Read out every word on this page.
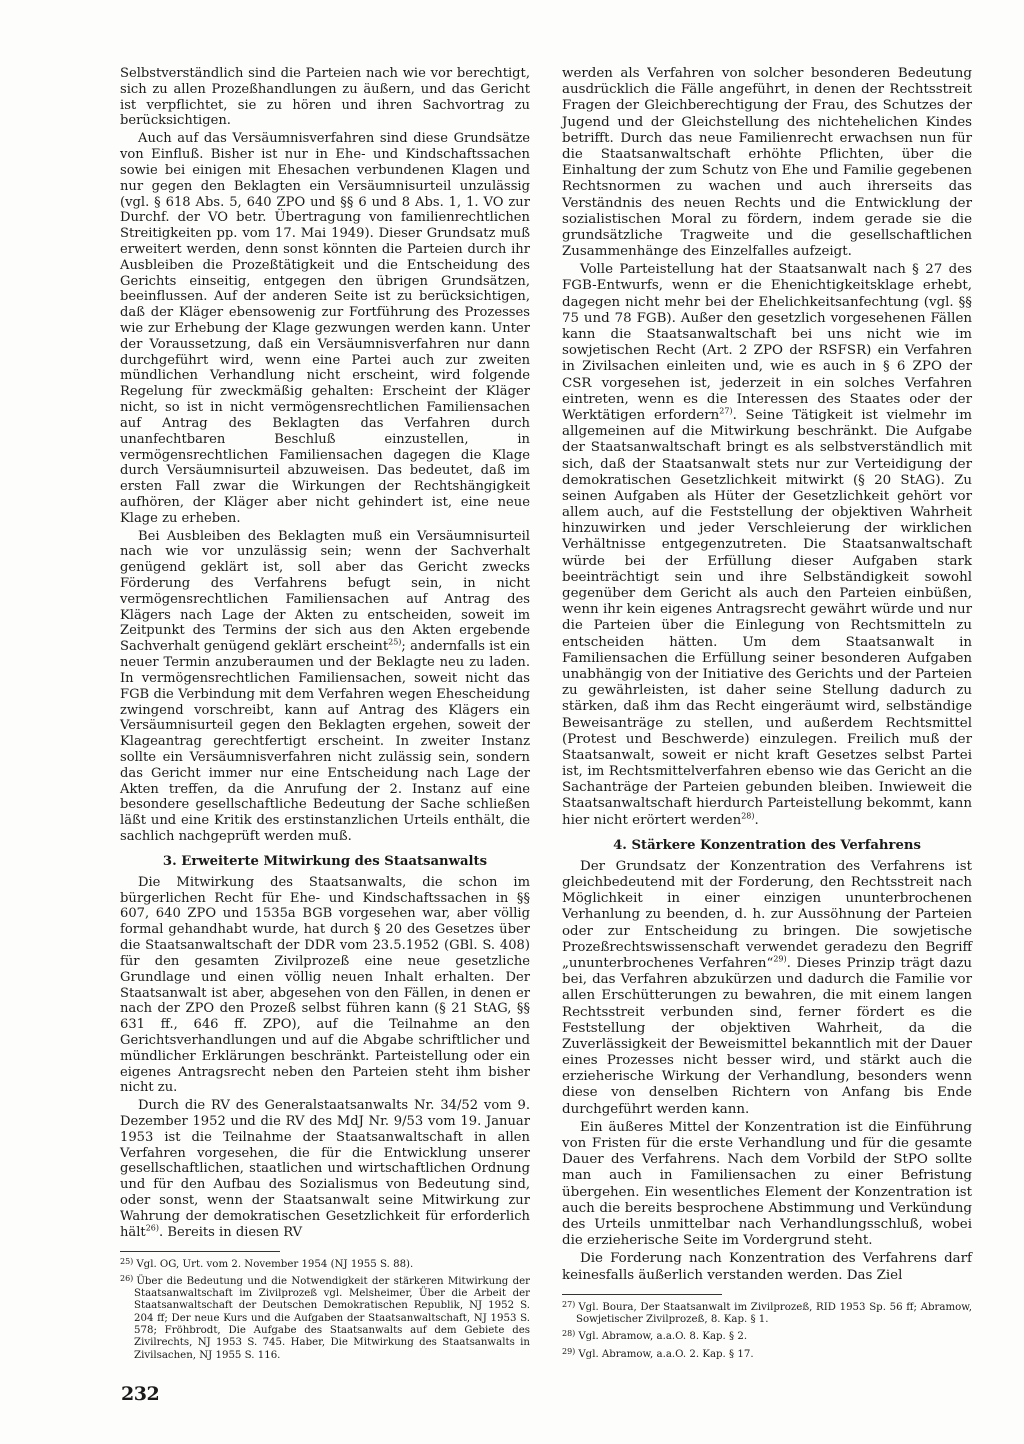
Selbstverständlich sind die Parteien nach wie vor berechtigt, sich zu allen Prozeßhandlungen zu äußern, und das Gericht ist verpflichtet, sie zu hören und ihren Sachvortrag zu berücksichtigen.

Auch auf das Versäumnisverfahren sind diese Grundsätze von Einfluß. Bisher ist nur in Ehe- und Kindschaftssachen sowie bei einigen mit Ehesachen verbundenen Klagen und nur gegen den Beklagten ein Versäumnisurteil unzulässig (vgl. § 618 Abs. 5, 640 ZPO und §§ 6 und 8 Abs. 1, 1. VO zur Durchf. der VO betr. Übertragung von familienrechtlichen Streitigkeiten pp. vom 17. Mai 1949). Dieser Grundsatz muß erweitert werden, denn sonst könnten die Parteien durch ihr Ausbleiben die Prozeßtätigkeit und die Entscheidung des Gerichts einseitig, entgegen den übrigen Grundsätzen, beeinflussen. Auf der anderen Seite ist zu berücksichtigen, daß der Kläger ebensowenig zur Fortführung des Prozesses wie zur Erhebung der Klage gezwungen werden kann. Unter der Voraussetzung, daß ein Versäumnisverfahren nur dann durchgeführt wird, wenn eine Partei auch zur zweiten mündlichen Verhandlung nicht erscheint, wird folgende Regelung für zweckmäßig gehalten: Erscheint der Kläger nicht, so ist in nicht vermögensrechtlichen Familiensachen auf Antrag des Beklagten das Verfahren durch unanfechtbaren Beschluß einzustellen, in vermögensrechtlichen Familiensachen dagegen die Klage durch Versäumnisurteil abzuweisen. Das bedeutet, daß im ersten Fall zwar die Wirkungen der Rechtshängigkeit aufhören, der Kläger aber nicht gehindert ist, eine neue Klage zu erheben.

Bei Ausbleiben des Beklagten muß ein Versäumnisurteil nach wie vor unzulässig sein; wenn der Sachverhalt genügend geklärt ist, soll aber das Gericht zwecks Förderung des Verfahrens befugt sein, in nicht vermögensrechtlichen Familiensachen auf Antrag des Klägers nach Lage der Akten zu entscheiden, soweit im Zeitpunkt des Termins der sich aus den Akten ergebende Sachverhalt genügend geklärt erscheint$^{25)}$; andernfalls ist ein neuer Termin anzuberaumen und der Beklagte neu zu laden. In vermögensrechtlichen Familiensachen, soweit nicht das FGB die Verbindung mit dem Verfahren wegen Ehescheidung zwingend vorschreibt, kann auf Antrag des Klägers ein Versäumnisurteil gegen den Beklagten ergehen, soweit der Klageantrag gerechtfertigt erscheint. In zweiter Instanz sollte ein Versäumnisverfahren nicht zulässig sein, sondern das Gericht immer nur eine Entscheidung nach Lage der Akten treffen, da die Anrufung der 2. Instanz auf eine besondere gesellschaftliche Bedeutung der Sache schließen läßt und eine Kritik des erstinstanzlichen Urteils enthält, die sachlich nachgeprüft werden muß.

3. Erweiterte Mitwirkung des Staatsanwalts

Die Mitwirkung des Staatsanwalts, die schon im bürgerlichen Recht für Ehe- und Kindschaftssachen in §§ 607, 640 ZPO und 1535a BGB vorgesehen war, aber völlig formal gehandhabt wurde, hat durch § 20 des Gesetzes über die Staatsanwaltschaft der DDR vom 23.5.1952 (GBl. S. 408) für den gesamten Zivilprozeß eine neue gesetzliche Grundlage und einen völlig neuen Inhalt erhalten. Der Staatsanwalt ist aber, abgesehen von den Fällen, in denen er nach der ZPO den Prozeß selbst führen kann (§ 21 StAG, §§ 631 ff., 646 ff. ZPO), auf die Teilnahme an den Gerichtsverhandlungen und auf die Abgabe schriftlicher und mündlicher Erklärungen beschränkt. Parteistellung oder ein eigenes Antragsrecht neben den Parteien steht ihm bisher nicht zu.

Durch die RV des Generalstaatsanwalts Nr. 34/52 vom 9. Dezember 1952 und die RV des MdJ Nr. 9/53 vom 19. Januar 1953 ist die Teilnahme der Staatsanwaltschaft in allen Verfahren vorgesehen, die für die Entwicklung unserer gesellschaftlichen, staatlichen und wirtschaftlichen Ordnung und für den Aufbau des Sozialismus von Bedeutung sind, oder sonst, wenn der Staatsanwalt seine Mitwirkung zur Wahrung der demokratischen Gesetzlichkeit für erforderlich hält$^{26)}$. Bereits in diesen RV

$^{25)}$ Vgl. OG, Urt. vom 2. November 1954 (NJ 1955 S. 88).

$^{26)}$ Über die Bedeutung und die Notwendigkeit der stärkeren Mitwirkung der Staatsanwaltschaft im Zivilprozeß vgl. Melsheimer, Über die Arbeit der Staatsanwaltschaft der Deutschen Demokratischen Republik, NJ 1952 S. 204 ff; Der neue Kurs und die Aufgaben der Staatsanwaltschaft, NJ 1953 S. 578; Fröhbrodt, Die Aufgabe des Staatsanwalts auf dem Gebiete des Zivilrechts, NJ 1953 S. 745. Haber, Die Mitwirkung des Staatsanwalts in Zivilsachen, NJ 1955 S. 116.

werden als Verfahren von solcher besonderen Bedeutung ausdrücklich die Fälle angeführt, in denen der Rechtsstreit Fragen der Gleichberechtigung der Frau, des Schutzes der Jugend und der Gleichstellung des nichtehelichen Kindes betrifft. Durch das neue Familienrecht erwachsen nun für die Staatsanwaltschaft erhöhte Pflichten, über die Einhaltung der zum Schutz von Ehe und Familie gegebenen Rechtsnormen zu wachen und auch ihrerseits das Verständnis des neuen Rechts und die Entwicklung der sozialistischen Moral zu fördern, indem gerade sie die grundsätzliche Tragweite und die gesellschaftlichen Zusammenhänge des Einzelfalles aufzeigt.

Volle Parteistellung hat der Staatsanwalt nach § 27 des FGB-Entwurfs, wenn er die Ehenichtigkeitsklage erhebt, dagegen nicht mehr bei der Ehelichkeitsanfechtung (vgl. §§ 75 und 78 FGB). Außer den gesetzlich vorgesehenen Fällen kann die Staatsanwaltschaft bei uns nicht wie im sowjetischen Recht (Art. 2 ZPO der RSFSR) ein Verfahren in Zivilsachen einleiten und, wie es auch in § 6 ZPO der CSR vorgesehen ist, jederzeit in ein solches Verfahren eintreten, wenn es die Interessen des Staates oder der Werktätigen erfordern$^{27)}$. Seine Tätigkeit ist vielmehr im allgemeinen auf die Mitwirkung beschränkt. Die Aufgabe der Staatsanwaltschaft bringt es als selbstverständlich mit sich, daß der Staatsanwalt stets nur zur Verteidigung der demokratischen Gesetzlichkeit mitwirkt (§ 20 StAG). Zu seinen Aufgaben als Hüter der Gesetzlichkeit gehört vor allem auch, auf die Feststellung der objektiven Wahrheit hinzuwirken und jeder Verschleierung der wirklichen Verhältnisse entgegenzutreten. Die Staatsanwaltschaft würde bei der Erfüllung dieser Aufgaben stark beeinträchtigt sein und ihre Selbständigkeit sowohl gegenüber dem Gericht als auch den Parteien einbüßen, wenn ihr kein eigenes Antragsrecht gewährt würde und nur die Parteien über die Einlegung von Rechtsmitteln zu entscheiden hätten. Um dem Staatsanwalt in Familiensachen die Erfüllung seiner besonderen Aufgaben unabhängig von der Initiative des Gerichts und der Parteien zu gewährleisten, ist daher seine Stellung dadurch zu stärken, daß ihm das Recht eingeräumt wird, selbständige Beweisanträge zu stellen, und außerdem Rechtsmittel (Protest und Beschwerde) einzulegen. Freilich muß der Staatsanwalt, soweit er nicht kraft Gesetzes selbst Partei ist, im Rechtsmittelverfahren ebenso wie das Gericht an die Sachanträge der Parteien gebunden bleiben. Inwieweit die Staatsanwaltschaft hierdurch Parteistellung bekommt, kann hier nicht erörtert werden$^{28)}$.

4. Stärkere Konzentration des Verfahrens

Der Grundsatz der Konzentration des Verfahrens ist gleichbedeutend mit der Forderung, den Rechtsstreit nach Möglichkeit in einer einzigen ununterbrochenen Verhanlung zu beenden, d. h. zur Aussöhnung der Parteien oder zur Entscheidung zu bringen. Die sowjetische Prozeßrechtswissenschaft verwendet geradezu den Begriff „ununterbrochenes Verfahren“$^{29)}$. Dieses Prinzip trägt dazu bei, das Verfahren abzukürzen und dadurch die Familie vor allen Erschütterungen zu bewahren, die mit einem langen Rechtsstreit verbunden sind, ferner fördert es die Feststellung der objektiven Wahrheit, da die Zuverlässigkeit der Beweismittel bekanntlich mit der Dauer eines Prozesses nicht besser wird, und stärkt auch die erzieherische Wirkung der Verhandlung, besonders wenn diese von denselben Richtern von Anfang bis Ende durchgeführt werden kann.

Ein äußeres Mittel der Konzentration ist die Einführung von Fristen für die erste Verhandlung und für die gesamte Dauer des Verfahrens. Nach dem Vorbild der StPO sollte man auch in Familiensachen zu einer Befristung übergehen. Ein wesentliches Element der Konzentration ist auch die bereits besprochene Abstimmung und Verkündung des Urteils unmittelbar nach Verhandlungsschluß, wobei die erzieherische Seite im Vordergrund steht.

Die Forderung nach Konzentration des Verfahrens darf keinesfalls äußerlich verstanden werden. Das Ziel

$^{27)}$ Vgl. Boura, Der Staatsanwalt im Zivilprozeß, RID 1953 Sp. 56 ff; Abramow, Sowjetischer Zivilprozeß, 8. Kap. § 1.

$^{28)}$ Vgl. Abramow, a.a.O. 8. Kap. § 2.

$^{29)}$ Vgl. Abramow, a.a.O. 2. Kap. § 17.

232
